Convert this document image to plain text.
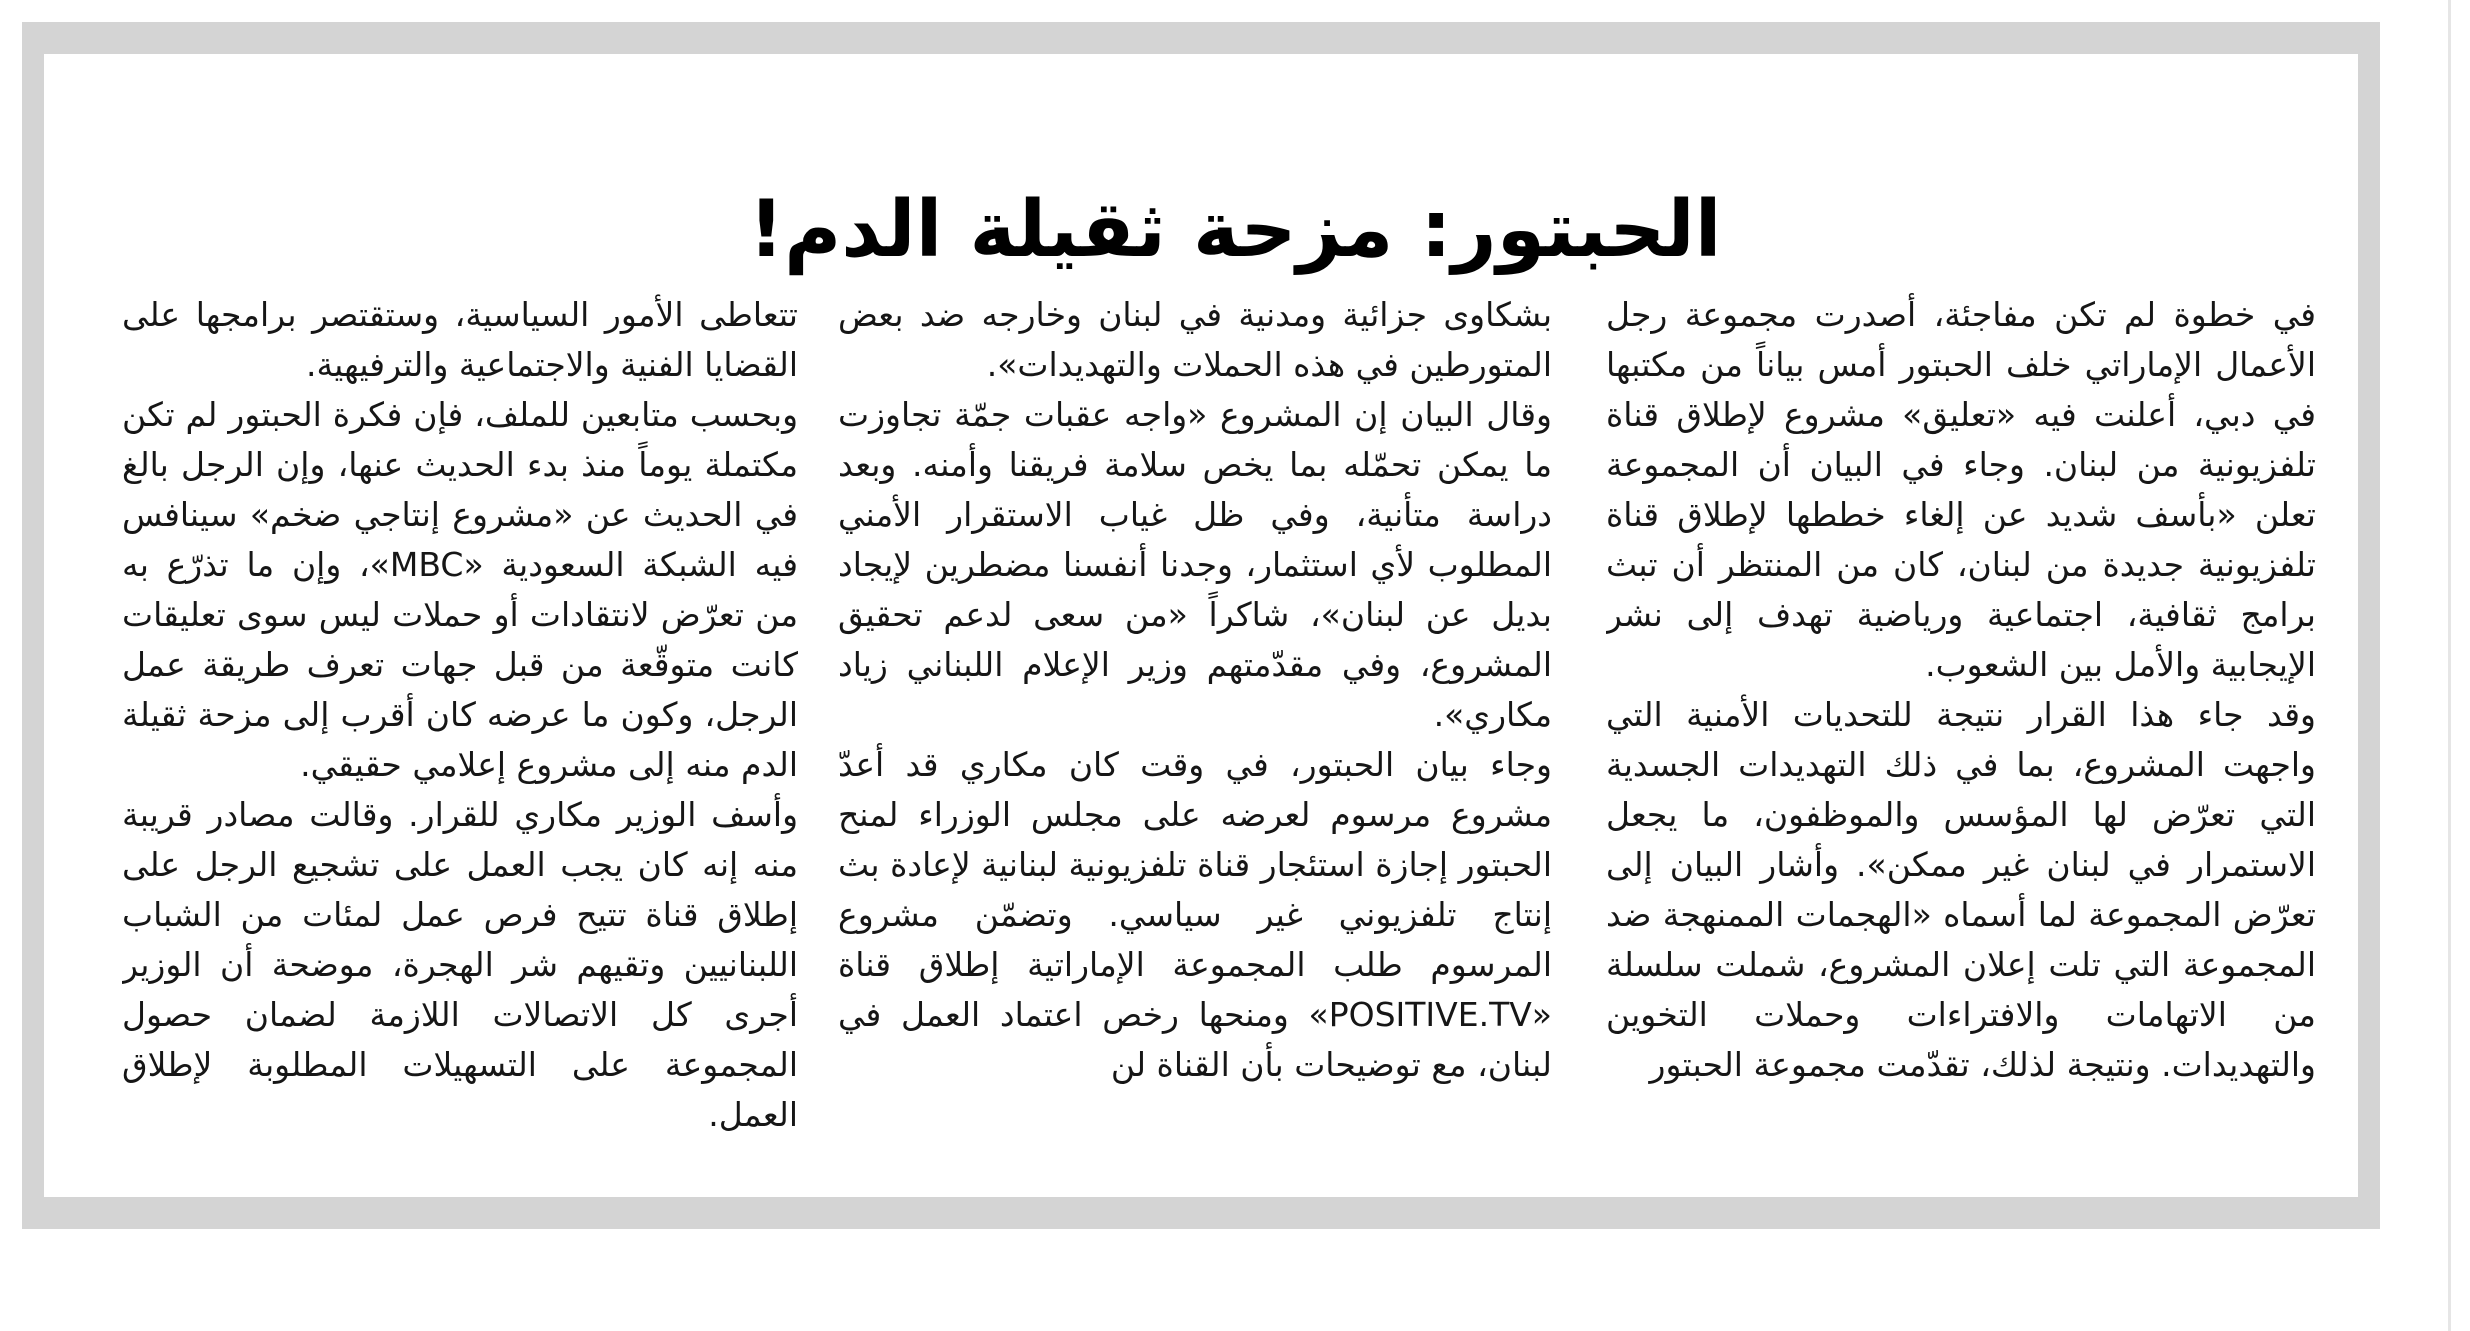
الحبتور: مزحة ثقيلة الدم!

في خطوة لم تكن مفاجئة، أصدرت مجموعة رجل الأعمال الإماراتي خلف الحبتور أمس بياناً من مكتبها في دبي، أعلنت فيه «تعليق» مشروع لإطلاق قناة تلفزيونية من لبنان. وجاء في البيان أن المجموعة تعلن «بأسف شديد عن إلغاء خططها لإطلاق قناة تلفزيونية جديدة من لبنان، كان من المنتظر أن تبث برامج ثقافية، اجتماعية ورياضية تهدف إلى نشر الإيجابية والأمل بين الشعوب.

وقد جاء هذا القرار نتيجة للتحديات الأمنية التي واجهت المشروع، بما في ذلك التهديدات الجسدية التي تعرّض لها المؤسس والموظفون، ما يجعل الاستمرار في لبنان غير ممكن». وأشار البيان إلى تعرّض المجموعة لما أسماه «الهجمات الممنهجة ضد المجموعة التي تلت إعلان المشروع، شملت سلسلة من الاتهامات والافتراءات وحملات التخوين والتهديدات. ونتيجة لذلك، تقدّمت مجموعة الحبتور

بشكاوى جزائية ومدنية في لبنان وخارجه ضد بعض المتورطين في هذه الحملات والتهديدات».

وقال البيان إن المشروع «واجه عقبات جمّة تجاوزت ما يمكن تحمّله بما يخص سلامة فريقنا وأمنه. وبعد دراسة متأنية، وفي ظل غياب الاستقرار الأمني المطلوب لأي استثمار، وجدنا أنفسنا مضطرين لإيجاد بديل عن لبنان»، شاكراً «من سعى لدعم تحقيق المشروع، وفي مقدّمتهم وزير الإعلام اللبناني زياد مكاري».

وجاء بيان الحبتور، في وقت كان مكاري قد أعدّ مشروع مرسوم لعرضه على مجلس الوزراء لمنح الحبتور إجازة استئجار قناة تلفزيونية لبنانية لإعادة بث إنتاج تلفزيوني غير سياسي. وتضمّن مشروع المرسوم طلب المجموعة الإماراتية إطلاق قناة «POSITIVE.TV» ومنحها رخص اعتماد العمل في لبنان، مع توضيحات بأن القناة لن

تتعاطى الأمور السياسية، وستقتصر برامجها على القضايا الفنية والاجتماعية والترفيهية.

وبحسب متابعين للملف، فإن فكرة الحبتور لم تكن مكتملة يوماً منذ بدء الحديث عنها، وإن الرجل بالغ في الحديث عن «مشروع إنتاجي ضخم» سينافس فيه الشبكة السعودية «MBC»، وإن ما تذرّع به من تعرّض لانتقادات أو حملات ليس سوى تعليقات كانت متوقّعة من قبل جهات تعرف طريقة عمل الرجل، وكون ما عرضه كان أقرب إلى مزحة ثقيلة الدم منه إلى مشروع إعلامي حقيقي.

وأسف الوزير مكاري للقرار. وقالت مصادر قريبة منه إنه كان يجب العمل على تشجيع الرجل على إطلاق قناة تتيح فرص عمل لمئات من الشباب اللبنانيين وتقيهم شر الهجرة، موضحة أن الوزير أجرى كل الاتصالات اللازمة لضمان حصول المجموعة على التسهيلات المطلوبة لإطلاق العمل.
